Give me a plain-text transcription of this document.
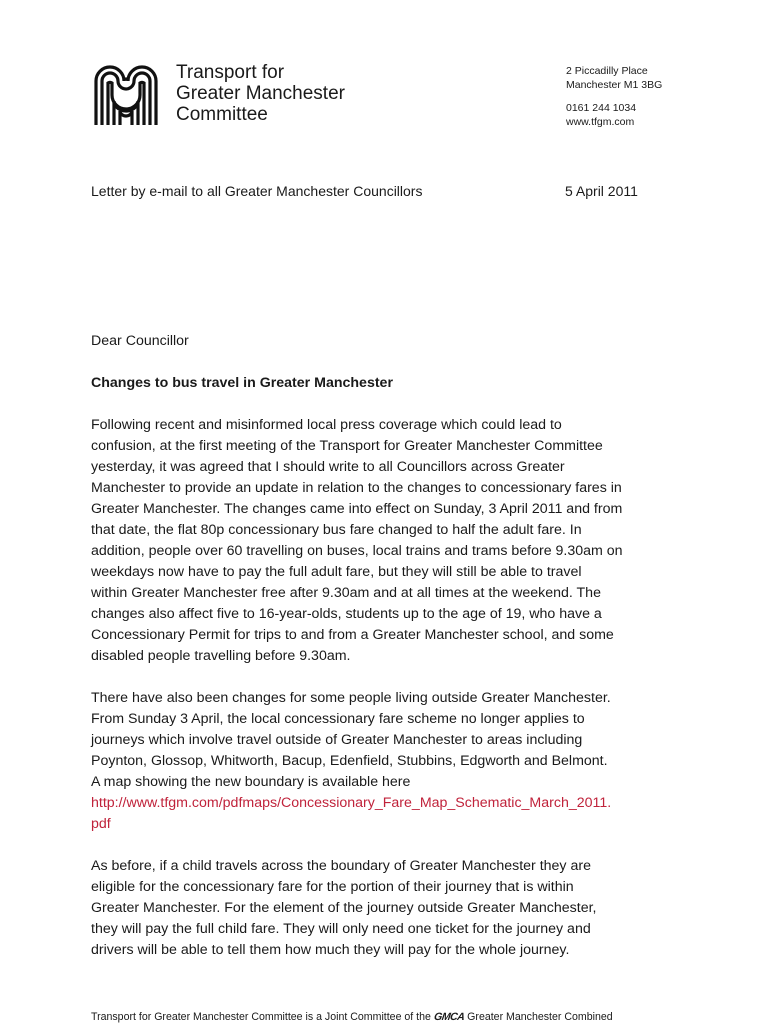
Transport for
Greater Manchester
Committee
2 Piccadilly Place
Manchester M1 3BG
0161 244 1034
www.tfgm.com
Letter by e-mail to all Greater Manchester Councillors	5 April 2011

Dear Councillor

Changes to bus travel in Greater Manchester

Following recent and misinformed local press coverage which could lead to
confusion, at the first meeting of the Transport for Greater Manchester Committee
yesterday, it was agreed that I should write to all Councillors across Greater
Manchester to provide an update in relation to the changes to concessionary fares in
Greater Manchester. The changes came into effect on Sunday, 3 April 2011 and from
that date, the flat 80p concessionary bus fare changed to half the adult fare. In
addition, people over 60 travelling on buses, local trains and trams before 9.30am on
weekdays now have to pay the full adult fare, but they will still be able to travel
within Greater Manchester free after 9.30am and at all times at the weekend. The
changes also affect five to 16-year-olds, students up to the age of 19, who have a
Concessionary Permit for trips to and from a Greater Manchester school, and some
disabled people travelling before 9.30am.

There have also been changes for some people living outside Greater Manchester.
From Sunday 3 April, the local concessionary fare scheme no longer applies to
journeys which involve travel outside of Greater Manchester to areas including
Poynton, Glossop, Whitworth, Bacup, Edenfield, Stubbins, Edgworth and Belmont.
A map showing the new boundary is available here
http://www.tfgm.com/pdfmaps/Concessionary_Fare_Map_Schematic_March_2011.
pdf

As before, if a child travels across the boundary of Greater Manchester they are
eligible for the concessionary fare for the portion of their journey that is within
Greater Manchester. For the element of the journey outside Greater Manchester,
they will pay the full child fare. They will only need one ticket for the journey and
drivers will be able to tell them how much they will pay for the whole journey.

Transport for Greater Manchester Committee is a Joint Committee of the GMCA Greater Manchester Combined
